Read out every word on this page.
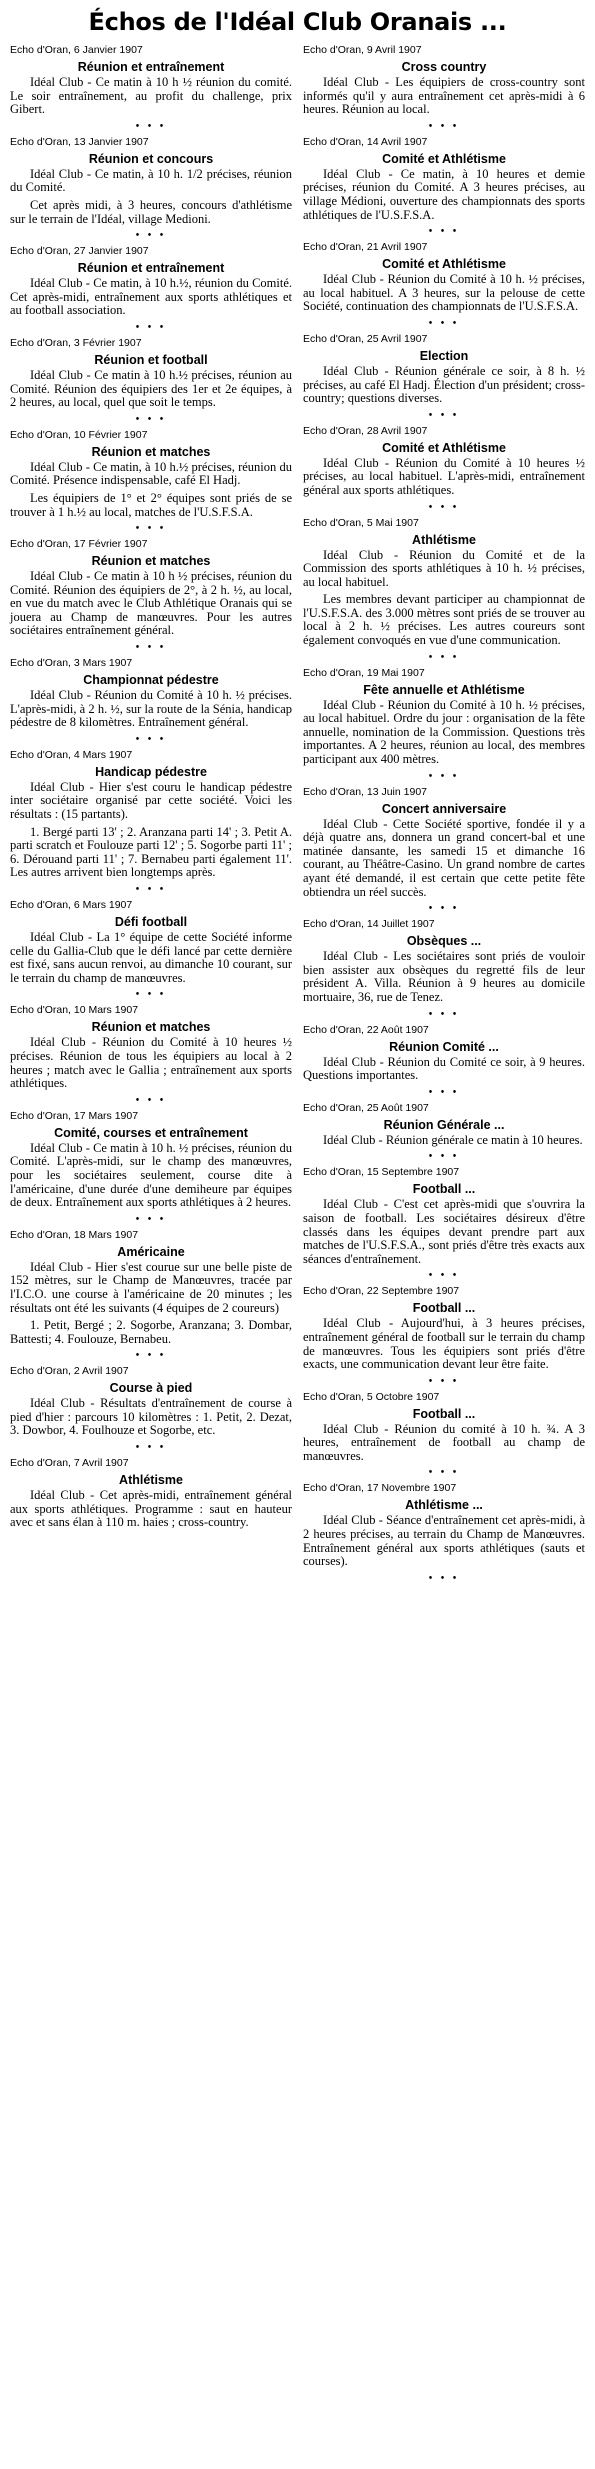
Échos de l'Idéal Club Oranais ...
Echo d'Oran, 6 Janvier 1907
Réunion et entraînement

Idéal Club - Ce matin à 10 h ½ réunion du comité. Le soir entraînement, au profit du challenge, prix Gibert.

• • •
Echo d'Oran, 13 Janvier 1907
Réunion et concours

Idéal Club - Ce matin, à 10 h. 1/2 précises, réunion du Comité.

Cet après midi, à 3 heures, concours d'athlétisme sur le terrain de l'Idéal, village Medioni.

• • •
Echo d'Oran, 27 Janvier 1907
Réunion et entraînement

Idéal Club - Ce matin, à 10 h.½, réunion du Comité. Cet après-midi, entraînement aux sports athlétiques et au football association.

• • •
Echo d'Oran, 3 Février 1907
Réunion et football

Idéal Club - Ce matin à 10 h.½ précises, réunion au Comité. Réunion des équipiers des 1er et 2e équipes, à 2 heures, au local, quel que soit le temps.

• • •
Echo d'Oran, 10 Février 1907
Réunion et matches

Idéal Club - Ce matin, à 10 h.½ précises, réunion du Comité. Présence indispensable, café El Hadj.

Les équipiers de 1° et 2° équipes sont priés de se trouver à 1 h.½ au local, matches de l'U.S.F.S.A.

• • •
Echo d'Oran, 17 Février 1907
Réunion et matches

Idéal Club - Ce matin à 10 h ½ précises, réunion du Comité. Réunion des équipiers de 2°, à 2 h. ½, au local, en vue du match avec le Club Athlétique Oranais qui se jouera au Champ de manœuvres. Pour les autres sociétaires entraînement général.

• • •
Echo d'Oran, 3 Mars 1907
Championnat pédestre

Idéal Club - Réunion du Comité à 10 h. ½ précises. L'après-midi, à 2 h. ½, sur la route de la Sénia, handicap pédestre de 8 kilomètres. Entraînement général.

• • •
Echo d'Oran, 4 Mars 1907
Handicap pédestre

Idéal Club - Hier s'est couru le handicap pédestre inter sociétaire organisé par cette société. Voici les résultats : (15 partants).

1. Bergé parti 13' ; 2. Aranzana parti 14' ; 3. Petit A. parti scratch et Foulouze parti 12' ; 5. Sogorbe parti 11' ; 6. Dérouand parti 11' ; 7. Bernabeu parti également 11'. Les autres arrivent bien longtemps après.

• • •
Echo d'Oran, 6 Mars 1907
Défi football

Idéal Club - La 1° équipe de cette Société informe celle du Gallia-Club que le défi lancé par cette dernière est fixé, sans aucun renvoi, au dimanche 10 courant, sur le terrain du champ de manœuvres.

• • •
Echo d'Oran, 10 Mars 1907
Réunion et matches

Idéal Club - Réunion du Comité à 10 heures ½ précises. Réunion de tous les équipiers au local à 2 heures ; match avec le Gallia ; entraînement aux sports athlétiques.

• • •
Echo d'Oran, 17 Mars 1907
Comité, courses et entraînement

Idéal Club - Ce matin à 10 h. ½ précises, réunion du Comité. L'après-midi, sur le champ des manœuvres, pour les sociétaires seulement, course dite à l'américaine, d'une durée d'une demiheure par équipes de deux. Entraînement aux sports athlétiques à 2 heures.

• • •
Echo d'Oran, 18 Mars 1907
Américaine

Idéal Club - Hier s'est courue sur une belle piste de 152 mètres, sur le Champ de Manœuvres, tracée par l'I.C.O. une course à l'américaine de 20 minutes ; les résultats ont été les suivants (4 équipes de 2 coureurs)

1. Petit, Bergé ; 2. Sogorbe, Aranzana; 3. Dombar, Battesti; 4. Foulouze, Bernabeu.

• • •
Echo d'Oran, 2 Avril 1907
Course à pied

Idéal Club - Résultats d'entraînement de course à pied d'hier : parcours 10 kilomètres : 1. Petit, 2. Dezat, 3. Dowbor, 4. Foulhouze et Sogorbe, etc.

• • •
Echo d'Oran, 7 Avril 1907
Athlétisme

Idéal Club - Cet après-midi, entraînement général aux sports athlétiques. Programme : saut en hauteur avec et sans élan à 110 m. haies ; cross-country.

Echo d'Oran, 9 Avril 1907
Cross country

Idéal Club - Les équipiers de cross-country sont informés qu'il y aura entraînement cet après-midi à 6 heures. Réunion au local.

• • •
Echo d'Oran, 14 Avril 1907
Comité et Athlétisme

Idéal Club - Ce matin, à 10 heures et demie précises, réunion du Comité. A 3 heures précises, au village Médioni, ouverture des championnats des sports athlétiques de l'U.S.F.S.A.

• • •
Echo d'Oran, 21 Avril 1907
Comité et Athlétisme

Idéal Club - Réunion du Comité à 10 h. ½ précises, au local habituel. A 3 heures, sur la pelouse de cette Société, continuation des championnats de l'U.S.F.S.A.

• • •
Echo d'Oran, 25 Avril 1907
Election

Idéal Club - Réunion générale ce soir, à 8 h. ½ précises, au café El Hadj. Élection d'un président; cross-country; questions diverses.

• • •
Echo d'Oran, 28 Avril 1907
Comité et Athlétisme

Idéal Club - Réunion du Comité à 10 heures ½ précises, au local habituel. L'après-midi, entraînement général aux sports athlétiques.

• • •
Echo d'Oran, 5 Mai 1907
Athlétisme

Idéal Club - Réunion du Comité et de la Commission des sports athlétiques à 10 h. ½ précises, au local habituel.

Les membres devant participer au championnat de l'U.S.F.S.A. des 3.000 mètres sont priés de se trouver au local à 2 h. ½ précises. Les autres coureurs sont également convoqués en vue d'une communication.

• • •
Echo d'Oran, 19 Mai 1907
Fête annuelle et Athlétisme

Idéal Club - Réunion du Comité à 10 h. ½ précises, au local habituel. Ordre du jour : organisation de la fête annuelle, nomination de la Commission. Questions très importantes. A 2 heures, réunion au local, des membres participant aux 400 mètres.

• • •
Echo d'Oran, 13 Juin 1907
Concert anniversaire

Idéal Club - Cette Société sportive, fondée il y a déjà quatre ans, donnera un grand concert-bal et une matinée dansante, les samedi 15 et dimanche 16 courant, au Théâtre-Casino. Un grand nombre de cartes ayant été demandé, il est certain que cette petite fête obtiendra un réel succès.

• • •
Echo d'Oran, 14 Juillet 1907
Obsèques ...

Idéal Club - Les sociétaires sont priés de vouloir bien assister aux obsèques du regretté fils de leur président A. Villa. Réunion à 9 heures au domicile mortuaire, 36, rue de Tenez.

• • •
Echo d'Oran, 22 Août 1907
Réunion Comité ...

Idéal Club - Réunion du Comité ce soir, à 9 heures. Questions importantes.

• • •
Echo d'Oran, 25 Août 1907
Réunion Générale ...

Idéal Club - Réunion générale ce matin à 10 heures.

• • •
Echo d'Oran, 15 Septembre 1907
Football ...

Idéal Club - C'est cet après-midi que s'ouvrira la saison de football. Les sociétaires désireux d'être classés dans les équipes devant prendre part aux matches de l'U.S.F.S.A., sont priés d'être très exacts aux séances d'entraînement.

• • •
Echo d'Oran, 22 Septembre 1907
Football ...

Idéal Club - Aujourd'hui, à 3 heures précises, entraînement général de football sur le terrain du champ de manœuvres. Tous les équipiers sont priés d'être exacts, une communication devant leur être faite.

• • •
Echo d'Oran, 5 Octobre 1907
Football ...

Idéal Club - Réunion du comité à 10 h. ¾. A 3 heures, entraînement de football au champ de manœuvres.

• • •
Echo d'Oran, 17 Novembre 1907
Athlétisme ...

Idéal Club - Séance d'entraînement cet après-midi, à 2 heures précises, au terrain du Champ de Manœuvres. Entraînement général aux sports athlétiques (sauts et courses).

• • •
